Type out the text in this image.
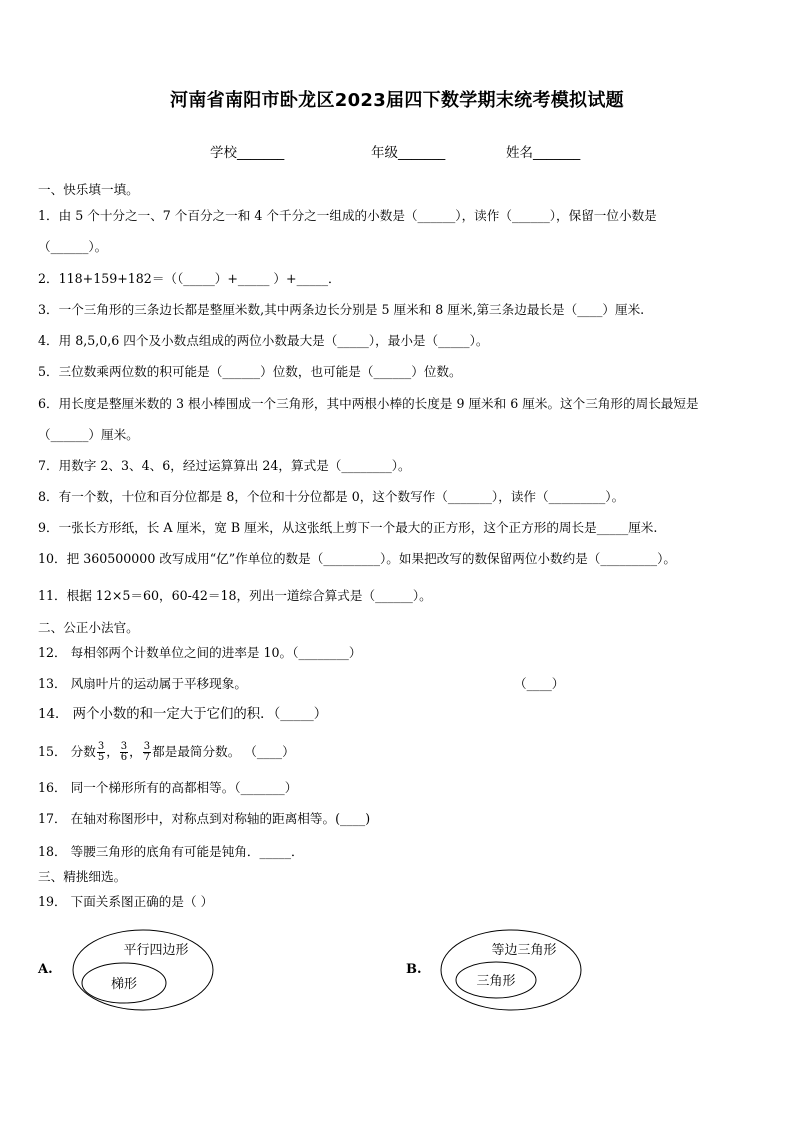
河南省南阳市卧龙区2023届四下数学期末统考模拟试题
学校_______	年级_______	姓名_______
一、快乐填一填。
1．由 5 个十分之一、7 个百分之一和 4 个千分之一组成的小数是（______），读作（______），保留一位小数是
（______）。
2．118+159+182＝（（_____）+_____ ）+_____．
3．一个三角形的三条边长都是整厘米数,其中两条边长分别是 5 厘米和 8 厘米,第三条边最长是（____）厘米.
4．用 8,5,0,6 四个及小数点组成的两位小数最大是（_____），最小是（_____）。
5．三位数乘两位数的积可能是（______）位数，也可能是（______）位数。
6．用长度是整厘米数的 3 根小棒围成一个三角形，其中两根小棒的长度是 9 厘米和 6 厘米。这个三角形的周长最短是
（______）厘米。
7．用数字 2、3、4、6，经过运算算出 24，算式是（________）。
8．有一个数，十位和百分位都是 8，个位和十分位都是 0，这个数写作（_______），读作（_________）。
9．一张长方形纸，长 A 厘米，宽 B 厘米，从这张纸上剪下一个最大的正方形，这个正方形的周长是_____厘米.
10．把 360500000 改写成用“亿”作单位的数是（_________）。如果把改写的数保留两位小数约是（_________）。
11．根据 12×5＝60，60-42＝18，列出一道综合算式是（______）。
二、公正小法官。
12． 每相邻两个计数单位之间的进率是 10。（________）
13． 风扇叶片的运动属于平移现象。	（____）
14． 两个小数的和一定大于它们的积．（_____）
15． 分数 $\frac{3}{5}$ ， $\frac{3}{6}$ ， $\frac{3}{7}$ 都是最简分数。 （____）
16． 同一个梯形所有的高都相等。（_______）
17． 在轴对称图形中，对称点到对称轴的距离相等。(____)
18． 等腰三角形的底角有可能是钝角．_____．
三、精挑细选。
19． 下面关系图正确的是（ ）
A.
平行四边形
梯形
B.
等边三角形
三角形
